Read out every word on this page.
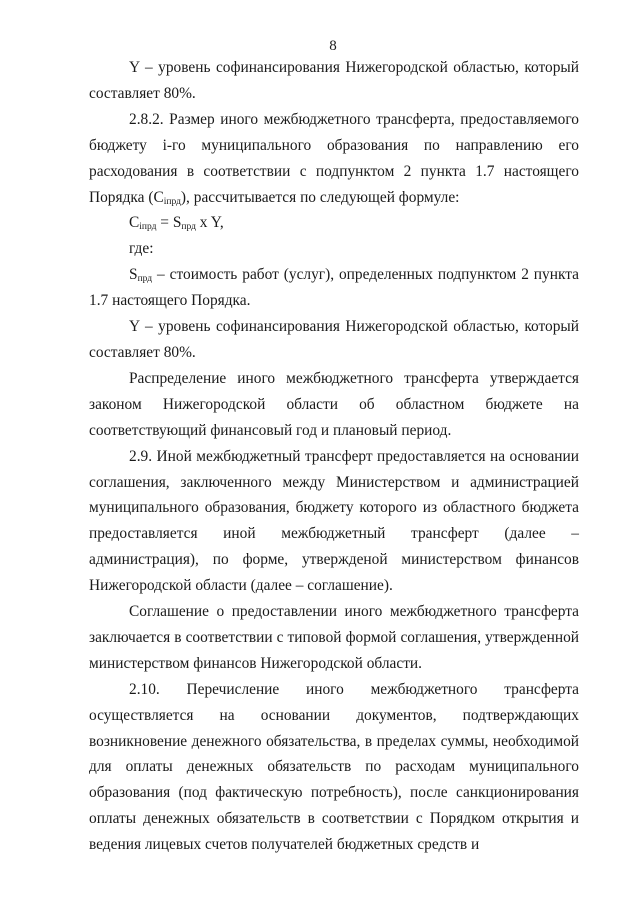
8

Y – уровень софинансирования Нижегородской областью, который составляет 80%.

2.8.2. Размер иного межбюджетного трансферта, предоставляемого бюджету i-го муниципального образования по направлению его расходования в соответствии с подпунктом 2 пункта 1.7 настоящего Порядка $(С_{iпрд})$, рассчитывается по следующей формуле:

$С_{iпрд} = S_{прд}$ x Y,

где:

$S_{прд}$ – стоимость работ (услуг), определенных подпунктом 2 пункта 1.7 настоящего Порядка.

Y – уровень софинансирования Нижегородской областью, который составляет 80%.

Распределение иного межбюджетного трансферта утверждается законом Нижегородской области об областном бюджете на соответствующий финансовый год и плановый период.

2.9. Иной межбюджетный трансферт предоставляется на основании соглашения, заключенного между Министерством и администрацией муниципального образования, бюджету которого из областного бюджета предоставляется иной межбюджетный трансферт (далее – администрация), по форме, утвержденой министерством финансов Нижегородской области (далее – соглашение).

Соглашение о предоставлении иного межбюджетного трансферта заключается в соответствии с типовой формой соглашения, утвержденной министерством финансов Нижегородской области.

2.10. Перечисление иного межбюджетного трансферта осуществляется на основании документов, подтверждающих возникновение денежного обязательства, в пределах суммы, необходимой для оплаты денежных обязательств по расходам муниципального образования (под фактическую потребность), после санкционирования оплаты денежных обязательств в соответствии с Порядком открытия и ведения лицевых счетов получателей бюджетных средств и
